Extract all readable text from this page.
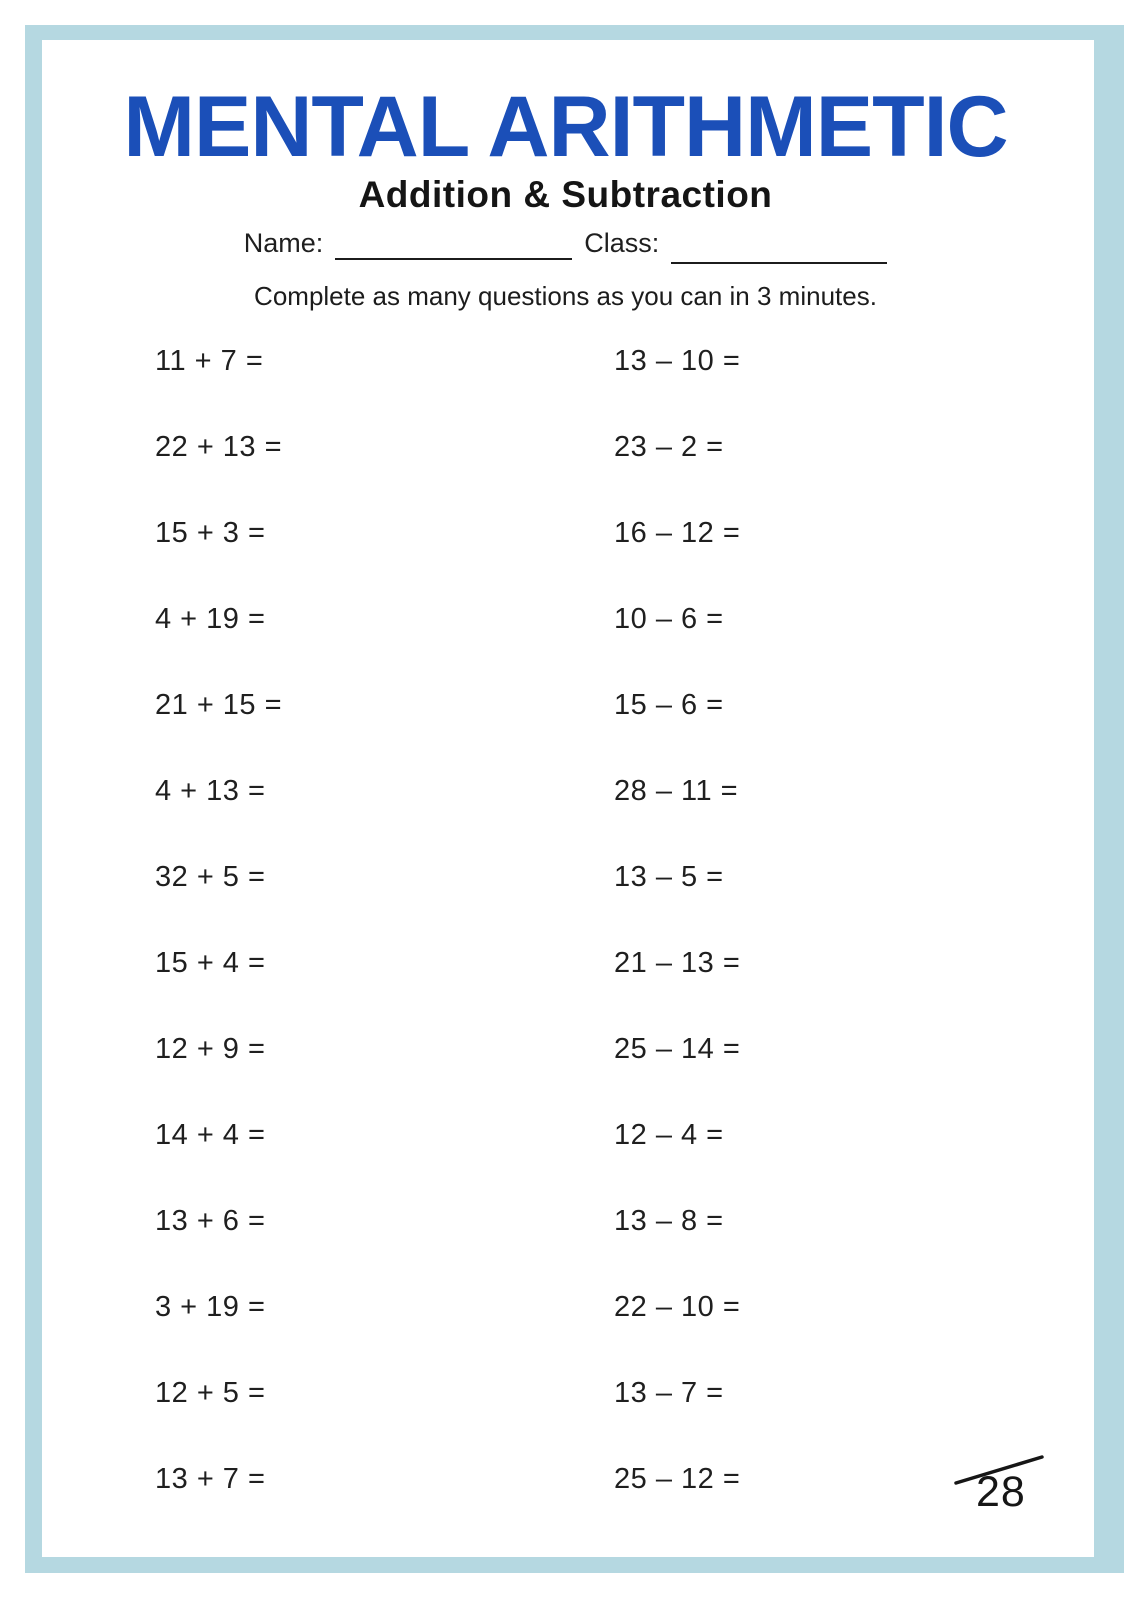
MENTAL ARITHMETIC
Addition & Subtraction
Name:	Class:
Complete as many questions as you can in 3 minutes.
11 + 7 =	13 – 10 =
22 + 13 =	23 – 2 =
15 + 3 =	16 – 12 =
4 + 19 =	10 – 6 =
21 + 15 =	15 – 6 =
4 + 13 =	28 – 11 =
32 + 5 =	13 – 5 =
15 + 4 =	21 – 13 =
12 + 9 =	25 – 14 =
14 + 4 =	12 – 4 =
13 + 6 =	13 – 8 =
3 + 19 =	22 – 10 =
12 + 5 =	13 – 7 =
13 + 7 =	25 – 12 =	28
